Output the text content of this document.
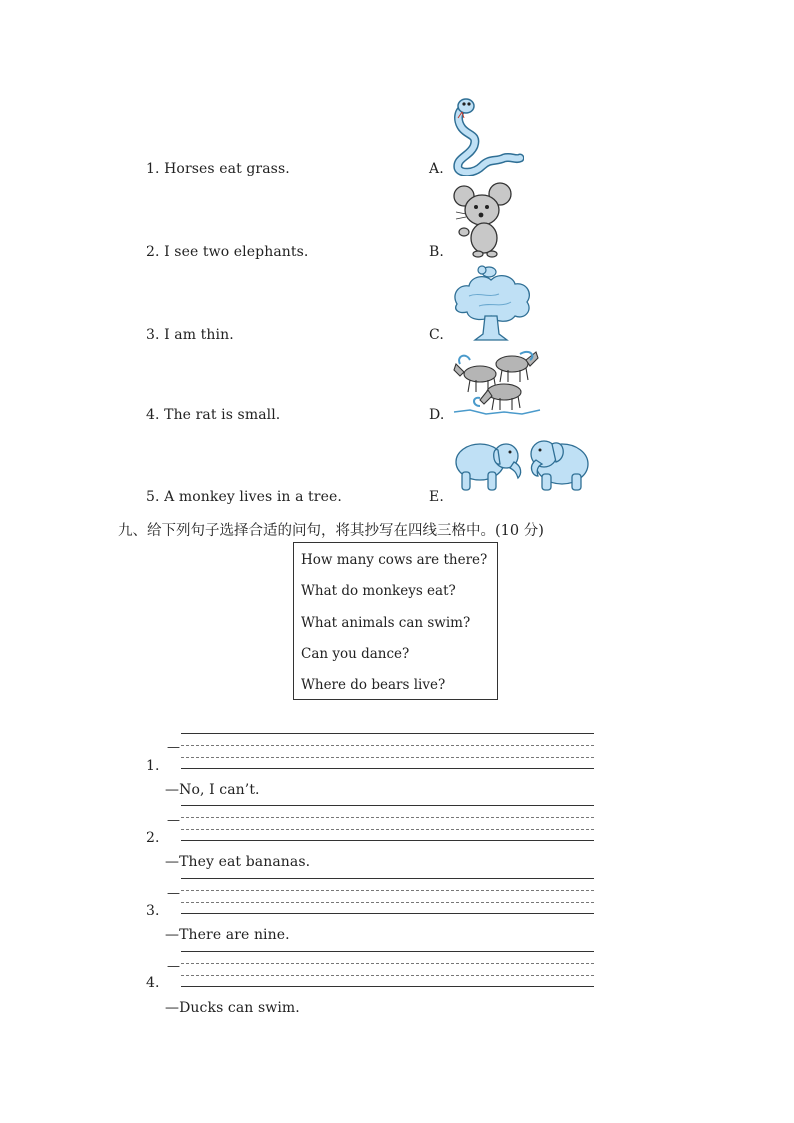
1. Horses eat grass.
2. I see two elephants.
3. I am thin.
4. The rat is small.
5. A monkey lives in a tree.
A.
B.
C.
D.
E.
九、给下列句子选择合适的问句，将其抄写在四线三格中。(10 分)
How many cows are there?
What do monkeys eat?
What animals can swim?
Can you dance?
Where do bears live?
—
1.
—No, I can’t.
—
2.
—They eat bananas.
—
3.
—There are nine.
—
4.
—Ducks can swim.
